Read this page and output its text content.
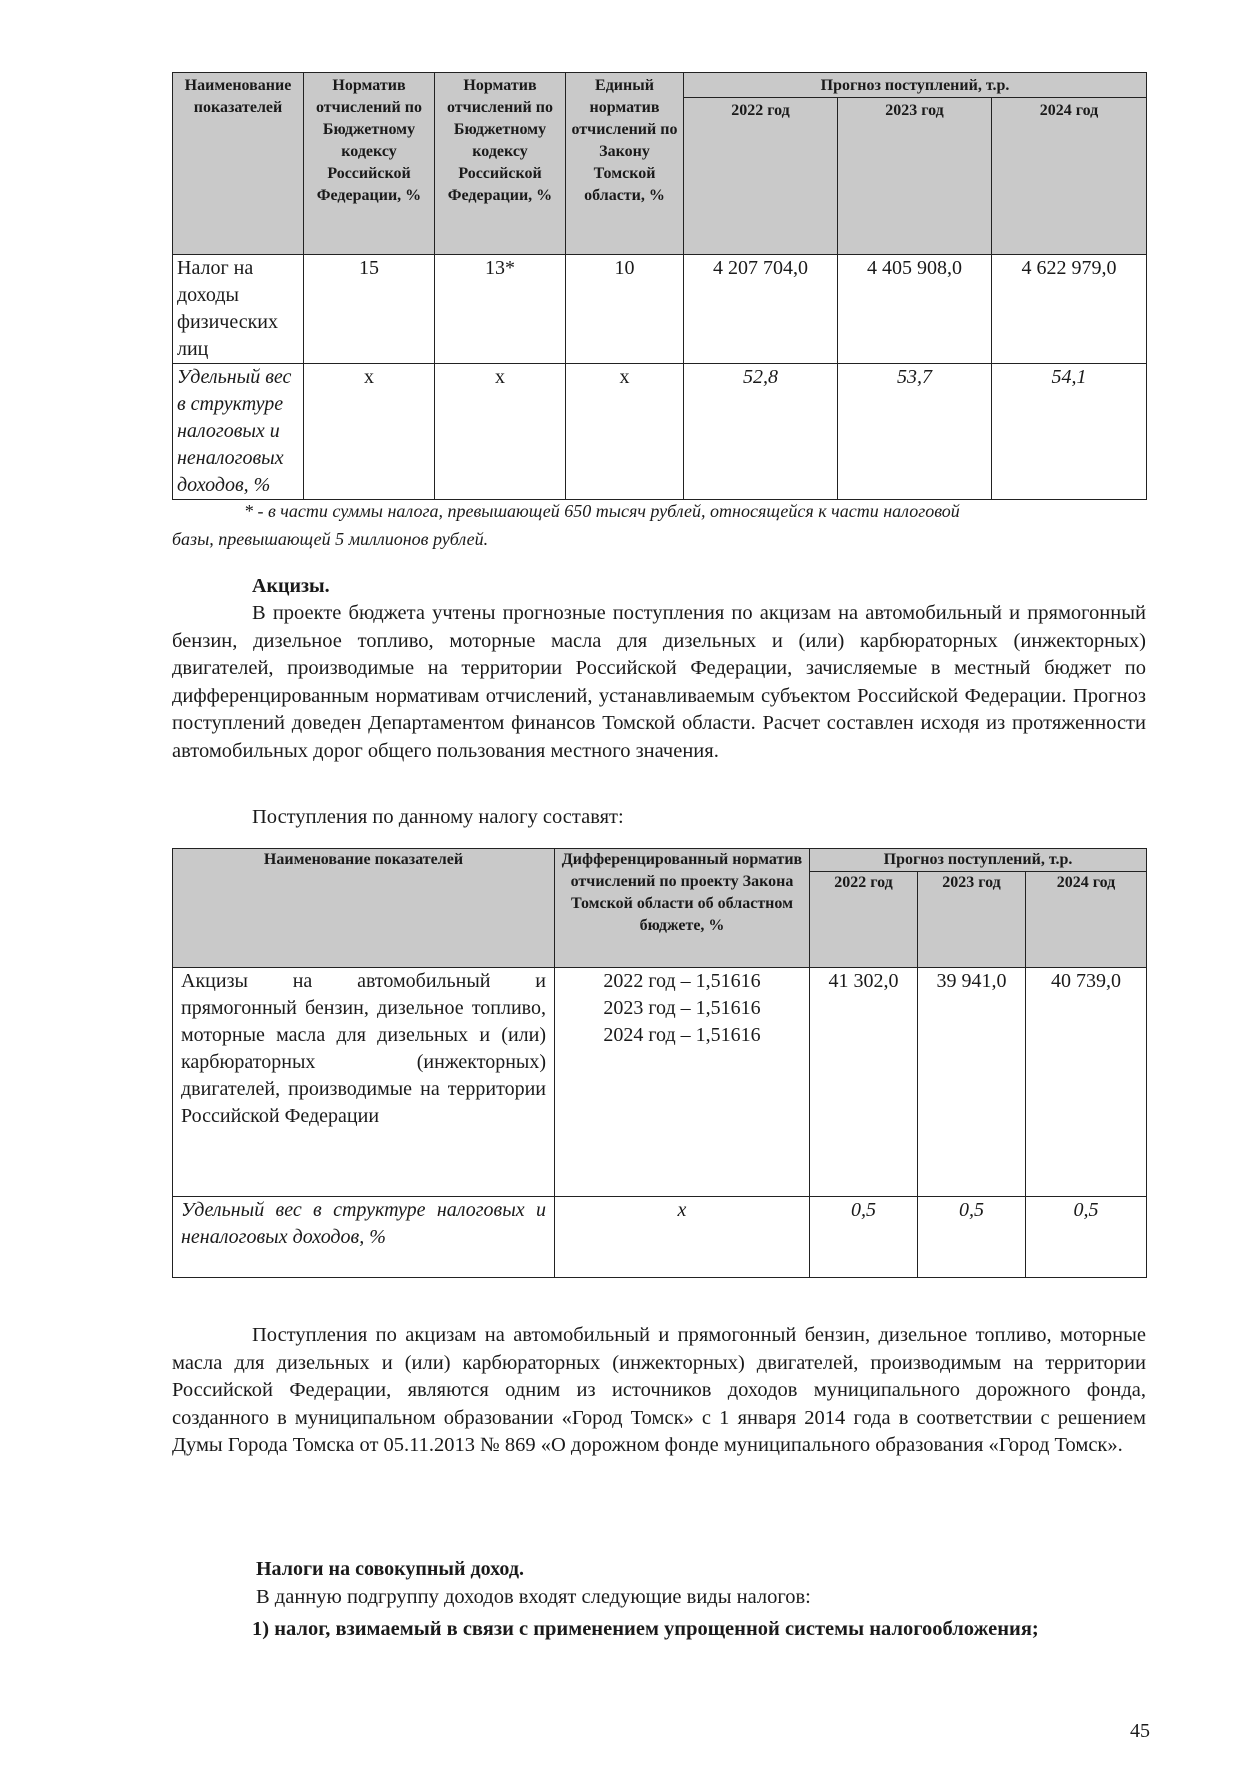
Наименование показателей	Норматив отчислений по Бюджетному кодексу Российской Федерации, %	Норматив отчислений по Бюджетному кодексу Российской Федерации, %	Единый норматив отчислений по Закону Томской области, %	Прогноз поступлений, т.р.		
				2022 год	2023 год	2024 год
Налог на доходы физических лиц	15	13*	10	4 207 704,0	4 405 908,0	4 622 979,0
Удельный вес в структуре налоговых и неналоговых доходов, %	х	х	х	52,8	53,7	54,1
* - в части суммы налога, превышающей 650 тысяч рублей, относящейся к части налоговой
базы, превышающей 5 миллионов рублей.
Акцизы.
В проекте бюджета учтены прогнозные поступления по акцизам на автомобильный и прямогонный бензин, дизельное топливо, моторные масла для дизельных и (или) карбюраторных (инжекторных) двигателей, производимые на территории Российской Федерации, зачисляемые в местный бюджет по дифференцированным нормативам отчислений, устанавливаемым субъектом Российской Федерации. Прогноз поступлений доведен Департаментом финансов Томской области. Расчет составлен исходя из протяженности автомобильных дорог общего пользования местного значения.
Поступления по данному налогу составят:
Наименование показателей	Дифференцированный норматив отчислений по проекту Закона Томской области об областном бюджете, %	Прогноз поступлений, т.р.		
		2022 год	2023 год	2024 год
Акцизы на автомобильный и прямогонный бензин, дизельное топливо, моторные масла для дизельных и (или) карбюраторных (инжекторных) двигателей, производимые на территории Российской Федерации	2022 год – 1,51616
2023 год – 1,51616
2024 год – 1,51616	41 302,0	39 941,0	40 739,0
Удельный вес в структуре налоговых и неналоговых доходов, %	х	0,5	0,5	0,5
Поступления по акцизам на автомобильный и прямогонный бензин, дизельное топливо, моторные масла для дизельных и (или) карбюраторных (инжекторных) двигателей, производимым на территории Российской Федерации, являются одним из источников доходов муниципального дорожного фонда, созданного в муниципальном образовании «Город Томск» с 1 января 2014 года в соответствии с решением Думы Города Томска от 05.11.2013 № 869 «О дорожном фонде муниципального образования «Город Томск».
Налоги на совокупный доход.
В данную подгруппу доходов входят следующие виды налогов:
1) налог, взимаемый в связи с применением упрощенной системы налогообложения;
45
